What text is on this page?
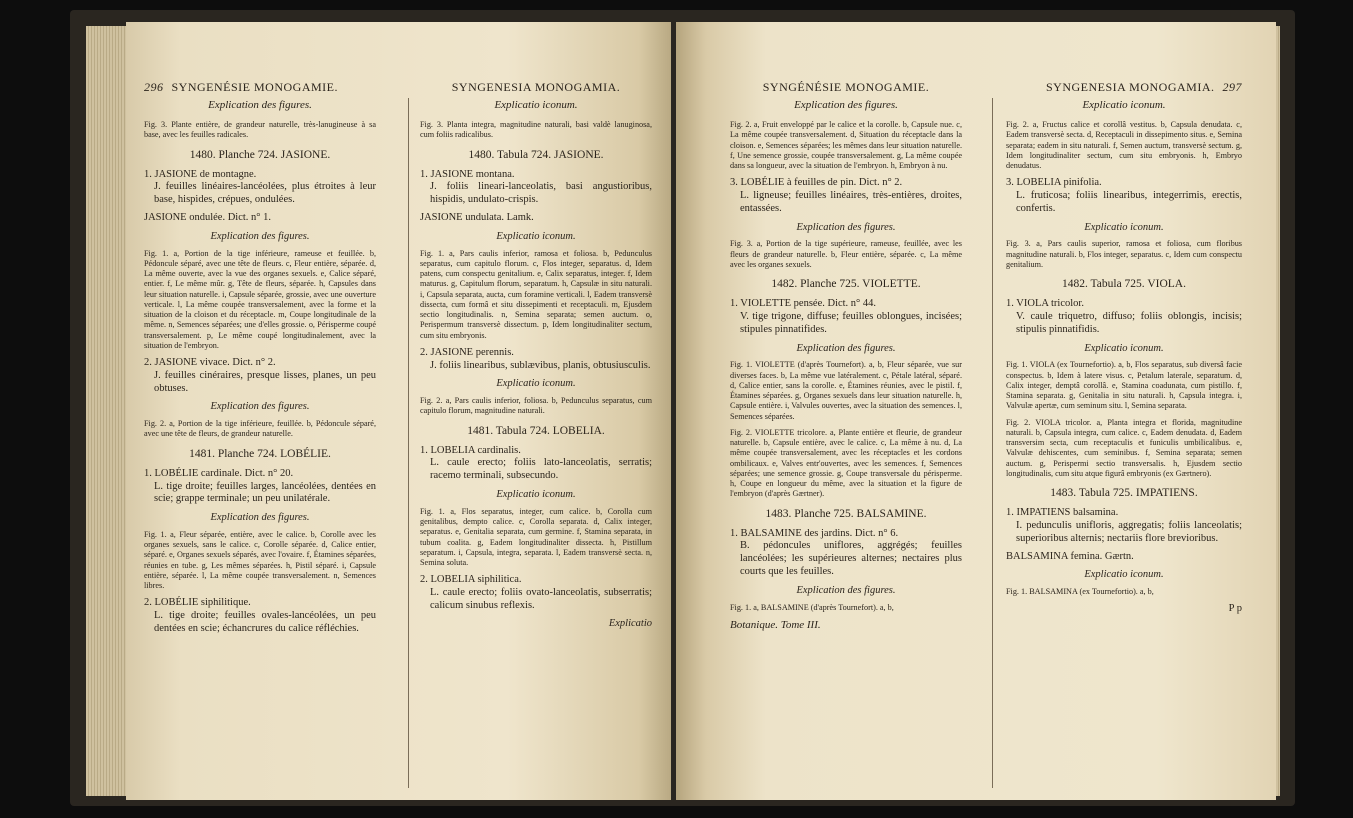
296 SYNGENÉSIE MONOGAMIE.
Explication des figures.

Fig. 3. Plante entière, de grandeur naturelle, très-lanugineuse à sa base, avec les feuilles radicales.

1480. Planche 724. JASIONE.
1. JASIONE de montagne.

J. feuilles linéaires-lancéolées, plus étroites à leur base, hispides, crépues, ondulées.

JASIONE ondulée. Dict. n° 1.
Explication des figures.

Fig. 1. a, Portion de la tige inférieure, rameuse et feuillée. b, Pédoncule séparé, avec une tête de fleurs. c, Fleur entière, séparée. d, La même ouverte, avec la vue des organes sexuels. e, Calice séparé, entier. f, Le même mûr. g, Tête de fleurs, séparée. h, Capsules dans leur situation naturelle. i, Capsule séparée, grossie, avec une ouverture verticale. l, La même coupée transversalement, avec la forme et la situation de la cloison et du réceptacle. m, Coupe longitudinale de la même. n, Semences séparées; une d'elles grossie. o, Périsperme coupé transversalement. p, Le même coupé longitudinalement, avec la situation de l'embryon.

2. JASIONE vivace. Dict. n° 2.

J. feuilles cinéraires, presque lisses, planes, un peu obtuses.

Explication des figures.

Fig. 2. a, Portion de la tige inférieure, feuillée. b, Pédoncule séparé, avec une tête de fleurs, de grandeur naturelle.

1481. Planche 724. LOBÉLIE.
1. LOBÉLIE cardinale. Dict. n° 20.

L. tige droite; feuilles larges, lancéolées, dentées en scie; grappe terminale; un peu unilatérale.

Explication des figures.

Fig. 1. a, Fleur séparée, entière, avec le calice. b, Corolle avec les organes sexuels, sans le calice. c, Corolle séparée. d, Calice entier, séparé. e, Organes sexuels séparés, avec l'ovaire. f, Étamines séparées, réunies en tube. g, Les mêmes séparées. h, Pistil séparé. i, Capsule entière, séparée. l, La même coupée transversalement. n, Semences libres.

2. LOBÉLIE siphilitique.

L. tige droite; feuilles ovales-lancéolées, un peu dentées en scie; échancrures du calice réfléchies.

SYNGENESIA MONOGAMIA.
Explicatio iconum.

Fig. 3. Planta integra, magnitudine naturali, basi valdè lanuginosa, cum foliis radicalibus.

1480. Tabula 724. JASIONE.
1. JASIONE montana.

J. foliis lineari-lanceolatis, basi angustioribus, hispidis, undulato-crispis.

JASIONE undulata. Lamk.
Explicatio iconum.

Fig. 1. a, Pars caulis inferior, ramosa et foliosa. b, Pedunculus separatus, cum capitulo florum. c, Flos integer, separatus. d, Idem patens, cum conspectu genitalium. e, Calix separatus, integer. f, Idem maturus. g, Capitulum florum, separatum. h, Capsulæ in situ naturali. i, Capsula separata, aucta, cum foramine verticali. l, Eadem transversè dissecta, cum formâ et situ dissepimenti et receptaculi. m, Ejusdem sectio longitudinalis. n, Semina separata; semen auctum. o, Perispermum transversè dissectum. p, Idem longitudinaliter sectum, cum situ embryonis.

2. JASIONE perennis.

J. foliis linearibus, sublævibus, planis, obtusiusculis.

Explicatio iconum.

Fig. 2. a, Pars caulis inferior, foliosa. b, Pedunculus separatus, cum capitulo florum, magnitudine naturali.

1481. Tabula 724. LOBELIA.
1. LOBELIA cardinalis.

L. caule erecto; foliis lato-lanceolatis, serratis; racemo terminali, subsecundo.

Explicatio iconum.

Fig. 1. a, Flos separatus, integer, cum calice. b, Corolla cum genitalibus, dempto calice. c, Corolla separata. d, Calix integer, separatus. e, Genitalia separata, cum germine. f, Stamina separata, in tubum coalita. g, Eadem longitudinaliter dissecta. h, Pistillum separatum. i, Capsula, integra, separata. l, Eadem transversè secta. n, Semina soluta.

2. LOBELIA siphilitica.

L. caule erecto; foliis ovato-lanceolatis, subserratis; calicum sinubus reflexis.

Explicatio
SYNGÉNÉSIE MONOGAMIE.
Explication des figures.

Fig. 2. a, Fruit enveloppé par le calice et la corolle. b, Capsule nue. c, La même coupée transversalement. d, Situation du réceptacle dans la cloison. e, Semences séparées; les mêmes dans leur situation naturelle. f, Une semence grossie, coupée transversalement. g, La même coupée dans sa longueur, avec la situation de l'embryon. h, Embryon à nu.

3. LOBÉLIE à feuilles de pin. Dict. n° 2.

L. ligneuse; feuilles linéaires, très-entières, droites, entassées.

Explication des figures.

Fig. 3. a, Portion de la tige supérieure, rameuse, feuillée, avec les fleurs de grandeur naturelle. b, Fleur entière, séparée. c, La même avec les organes sexuels.

1482. Planche 725. VIOLETTE.
1. VIOLETTE pensée. Dict. n° 44.

V. tige trigone, diffuse; feuilles oblongues, incisées; stipules pinnatifides.

Explication des figures.

Fig. 1. VIOLETTE (d'après Tournefort). a, b, Fleur séparée, vue sur diverses faces. b, La même vue latéralement. c, Pétale latéral, séparé. d, Calice entier, sans la corolle. e, Étamines réunies, avec le pistil. f, Étamines séparées. g, Organes sexuels dans leur situation naturelle. h, Capsule entière. i, Valvules ouvertes, avec la situation des semences. l, Semences séparées.

Fig. 2. VIOLETTE tricolore. a, Plante entière et fleurie, de grandeur naturelle. b, Capsule entière, avec le calice. c, La même à nu. d, La même coupée transversalement, avec les réceptacles et les cordons ombilicaux. e, Valves entr'ouvertes, avec les semences. f, Semences séparées; une semence grossie. g, Coupe transversale du périsperme. h, Coupe en longueur du même, avec la situation et la figure de l'embryon (d'après Gærtner).

1483. Planche 725. BALSAMINE.
1. BALSAMINE des jardins. Dict. n° 6.

B. pédoncules uniflores, aggrégés; feuilles lancéolées; les supérieures alternes; nectaires plus courts que les feuilles.

Explication des figures.

Fig. 1. a, BALSAMINE (d'après Tournefort). a, b,

Botanique. Tome III.
SYNGENESIA MONOGAMIA. 297
Explicatio iconum.

Fig. 2. a, Fructus calice et corollâ vestitus. b, Capsula denudata. c, Eadem transversè secta. d, Receptaculi in dissepimento situs. e, Semina separata; eadem in situ naturali. f, Semen auctum, transversè sectum. g, Idem longitudinaliter sectum, cum situ embryonis. h, Embryo denudatus.

3. LOBELIA pinifolia.

L. fruticosa; foliis linearibus, integerrimis, erectis, confertis.

Explicatio iconum.

Fig. 3. a, Pars caulis superior, ramosa et foliosa, cum floribus magnitudine naturali. b, Flos integer, separatus. c, Idem cum conspectu genitalium.

1482. Tabula 725. VIOLA.
1. VIOLA tricolor.

V. caule triquetro, diffuso; foliis oblongis, incisis; stipulis pinnatifidis.

Explicatio iconum.

Fig. 1. VIOLA (ex Tournefortio). a, b, Flos separatus, sub diversâ facie conspectus. b, Idem à latere visus. c, Petalum laterale, separatum. d, Calix integer, demptâ corollâ. e, Stamina coadunata, cum pistillo. f, Stamina separata. g, Genitalia in situ naturali. h, Capsula integra. i, Valvulæ apertæ, cum seminum situ. l, Semina separata.

Fig. 2. VIOLA tricolor. a, Planta integra et florida, magnitudine naturali. b, Capsula integra, cum calice. c, Eadem denudata. d, Eadem transversim secta, cum receptaculis et funiculis umbilicalibus. e, Valvulæ dehiscentes, cum seminibus. f, Semina separata; semen auctum. g, Perispermi sectio transversalis. h, Ejusdem sectio longitudinalis, cum situ atque figurâ embryonis (ex Gærtnero).

1483. Tabula 725. IMPATIENS.
1. IMPATIENS balsamina.

I. pedunculis unifloris, aggregatis; foliis lanceolatis; superioribus alternis; nectariis flore brevioribus.

BALSAMINA femina. Gærtn.
Explicatio iconum.

Fig. 1. BALSAMINA (ex Tournefortio). a, b,

P p
